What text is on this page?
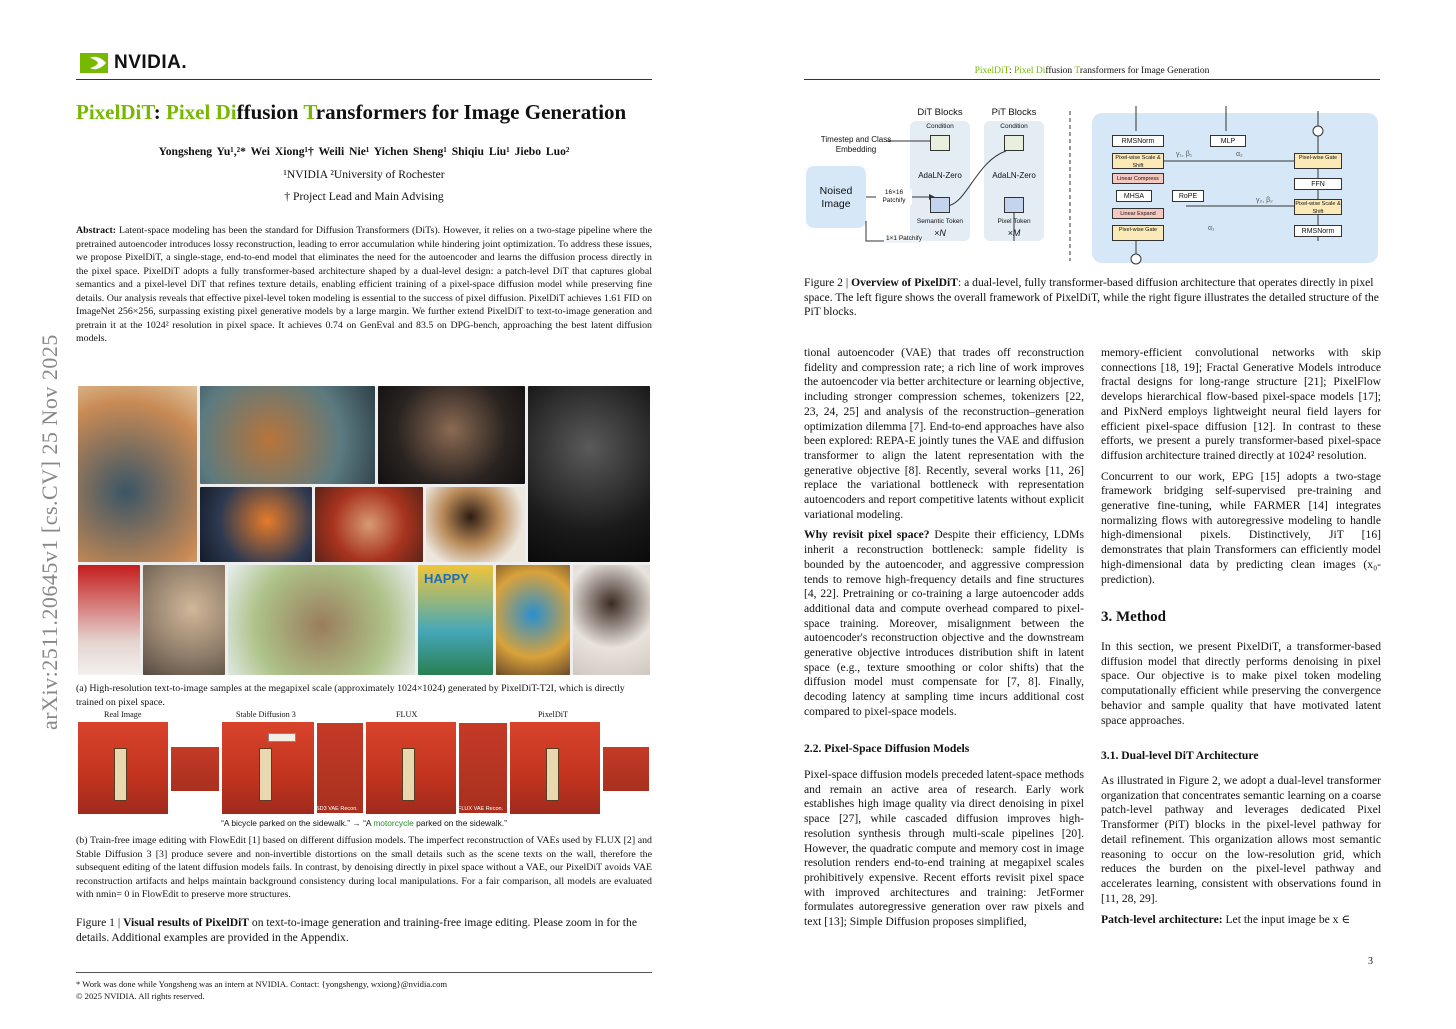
NVIDIA.
PixelDiT: Pixel Diffusion Transformers for Image Generation
Yongsheng Yu¹,²* Wei Xiong¹† Weili Nie¹ Yichen Sheng¹ Shiqiu Liu¹ Jiebo Luo²
¹NVIDIA ²University of Rochester
† Project Lead and Main Advising
Abstract: Latent-space modeling has been the standard for Diffusion Transformers (DiTs). However, it relies on a two-stage pipeline where the pretrained autoencoder introduces lossy reconstruction, leading to error accumulation while hindering joint optimization. To address these issues, we propose PixelDiT, a single-stage, end-to-end model that eliminates the need for the autoencoder and learns the diffusion process directly in the pixel space. PixelDiT adopts a fully transformer-based architecture shaped by a dual-level design: a patch-level DiT that captures global semantics and a pixel-level DiT that refines texture details, enabling efficient training of a pixel-space diffusion model while preserving fine details. Our analysis reveals that effective pixel-level token modeling is essential to the success of pixel diffusion. PixelDiT achieves 1.61 FID on ImageNet 256×256, surpassing existing pixel generative models by a large margin. We further extend PixelDiT to text-to-image generation and pretrain it at the 1024² resolution in pixel space. It achieves 0.74 on GenEval and 83.5 on DPG-bench, approaching the best latent diffusion models.
arXiv:2511.20645v1 [cs.CV] 25 Nov 2025	HAPPY
(a) High-resolution text-to-image samples at the megapixel scale (approximately 1024×1024) generated by PixelDiT-T2I, which is directly trained on pixel space.
Real Image	Stable Diffusion 3	FLUX	PixelDiT
SD3 VAE Recon.	FLUX VAE Recon.
“A bicycle parked on the sidewalk.” → “A motorcycle parked on the sidewalk.”
(b) Train-free image editing with FlowEdit [1] based on different diffusion models. The imperfect reconstruction of VAEs used by FLUX [2] and Stable Diffusion 3 [3] produce severe and non-invertible distortions on the small details such as the scene texts on the wall, therefore the subsequent editing of the latent diffusion models fails. In contrast, by denoising directly in pixel space without a VAE, our PixelDiT avoids VAE reconstruction artifacts and helps maintain background consistency during local manipulations. For a fair comparison, all models are evaluated with nmin= 0 in FlowEdit to preserve more structures.
Figure 1 | Visual results of PixelDiT on text-to-image generation and training-free image editing. Please zoom in for the details. Additional examples are provided in the Appendix.
* Work was done while Yongsheng was an intern at NVIDIA. Contact: {yongshengy, wxiong}@nvidia.com
© 2025 NVIDIA. All rights reserved.
PixelDiT: Pixel Diffusion Transformers for Image Generation
Timestep and Class Embedding
Noised Image
16×16 Patchify
1×1 Patchify
DiT Blocks	PiT Blocks
Condition	Condition
AdaLN-Zero	AdaLN-Zero
Semantic Token	Pixel Token
×N	×M
RMSNorm	MLP
Pixel-wise Scale & Shift
Linear Compress
MHSA	RoPE
Linear Expand
Pixel-wise Gate
Pixel-wise Gate
FFN
Pixel-wise Scale & Shift
RMSNorm
γ₁, β₁	α₂
γ₂, β₂
α₁
Figure 2 | Overview of PixelDiT: a dual-level, fully transformer-based diffusion architecture that operates directly in pixel space. The left figure shows the overall framework of PixelDiT, while the right figure illustrates the detailed structure of the PiT blocks.

tional autoencoder (VAE) that trades off reconstruction fidelity and compression rate; a rich line of work improves the autoencoder via better architecture or learning objective, including stronger compression schemes, tokenizers [22, 23, 24, 25] and analysis of the reconstruction–generation optimization dilemma [7]. End-to-end approaches have also been explored: REPA-E jointly tunes the VAE and diffusion transformer to align the latent representation with the generative objective [8]. Recently, several works [11, 26] replace the variational bottleneck with representation autoencoders and report competitive latents without explicit variational modeling.

Why revisit pixel space? Despite their efficiency, LDMs inherit a reconstruction bottleneck: sample fidelity is bounded by the autoencoder, and aggressive compression tends to remove high-frequency details and fine structures [4, 22]. Pretraining or co-training a large autoencoder adds additional data and compute overhead compared to pixel-space training. Moreover, misalignment between the autoencoder's reconstruction objective and the downstream generative objective introduces distribution shift in latent space (e.g., texture smoothing or color shifts) that the diffusion model must compensate for [7, 8]. Finally, decoding latency at sampling time incurs additional cost compared to pixel-space models.

2.2. Pixel-Space Diffusion Models
Pixel-space diffusion models preceded latent-space methods and remain an active area of research. Early work establishes high image quality via direct denoising in pixel space [27], while cascaded diffusion improves high-resolution synthesis through multi-scale pipelines [20]. However, the quadratic compute and memory cost in image resolution renders end-to-end training at megapixel scales prohibitively expensive. Recent efforts revisit pixel space with improved architectures and training: JetFormer formulates autoregressive generation over raw pixels and text [13]; Simple Diffusion proposes simplified,

memory-efficient convolutional networks with skip connections [18, 19]; Fractal Generative Models introduce fractal designs for long-range structure [21]; PixelFlow develops hierarchical flow-based pixel-space models [17]; and PixNerd employs lightweight neural field layers for efficient pixel-space diffusion [12]. In contrast to these efforts, we present a purely transformer-based pixel-space diffusion architecture trained directly at 1024² resolution.

Concurrent to our work, EPG [15] adopts a two-stage framework bridging self-supervised pre-training and generative fine-tuning, while FARMER [14] integrates normalizing flows with autoregressive modeling to handle high-dimensional pixels. Distinctively, JiT [16] demonstrates that plain Transformers can efficiently model high-dimensional data by predicting clean images (x₀-prediction).

3. Method
In this section, we present PixelDiT, a transformer-based diffusion model that directly performs denoising in pixel space. Our objective is to make pixel token modeling computationally efficient while preserving the convergence behavior and sample quality that have motivated latent space approaches.
3.1. Dual-level DiT Architecture
As illustrated in Figure 2, we adopt a dual-level transformer organization that concentrates semantic learning on a coarse patch-level pathway and leverages dedicated Pixel Transformer (PiT) blocks in the pixel-level pathway for detail refinement. This organization allows most semantic reasoning to occur on the low-resolution grid, which reduces the burden on the pixel-level pathway and accelerates learning, consistent with observations found in [11, 28, 29].
Patch-level architecture: Let the input image be x ∈
3
